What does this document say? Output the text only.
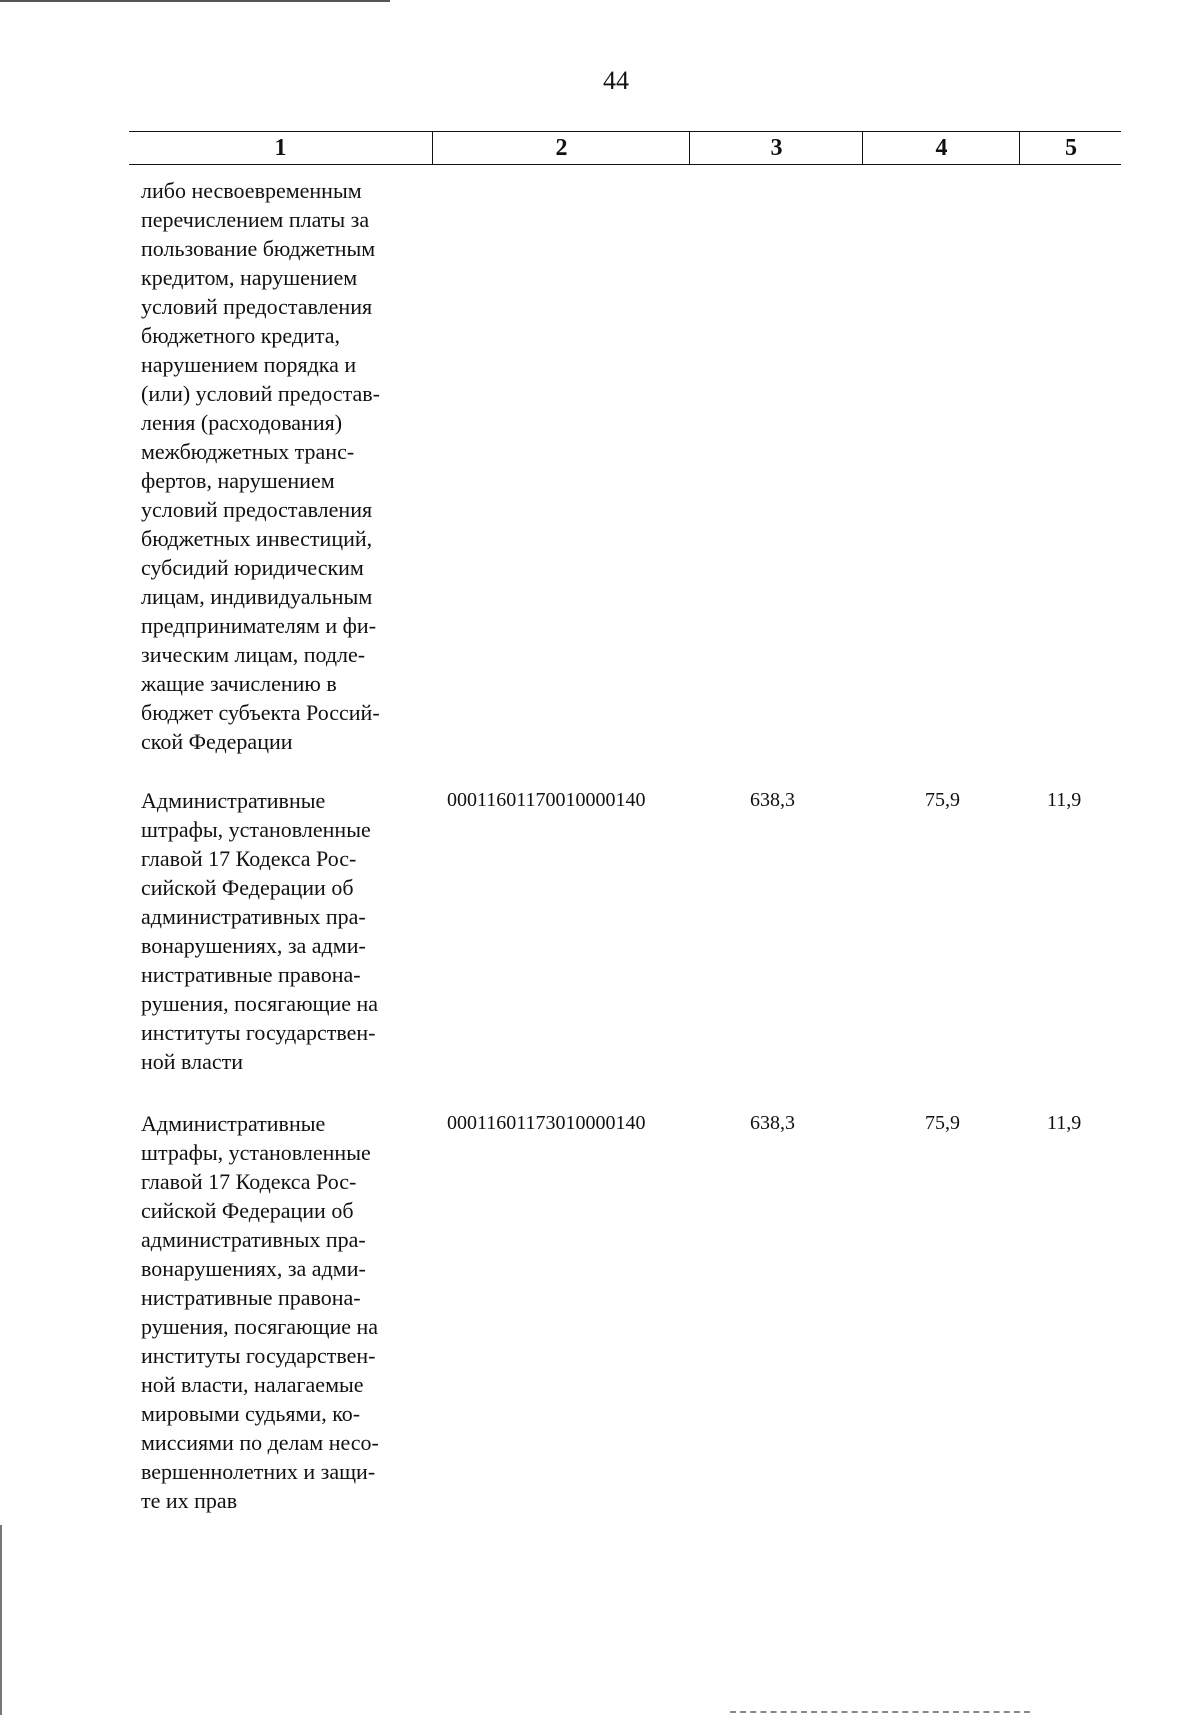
44
1	2	3	4	5
либо несвоевременным
перечислением платы за
пользование бюджетным
кредитом, нарушением
условий предоставления
бюджетного кредита,
нарушением порядка и
(или) условий предостав-
ления (расходования)
межбюджетных транс-
фертов, нарушением
условий предоставления
бюджетных инвестиций,
субсидий юридическим
лицам, индивидуальным
предпринимателям и фи-
зическим лицам, подле-
жащие зачислению в
бюджет субъекта Россий-
ской Федерации
Административные
штрафы, установленные
главой 17 Кодекса Рос-
сийской Федерации об
административных пра-
вонарушениях, за адми-
нистративные правона-
рушения, посягающие на
институты государствен-
ной власти
00011601170010000140	638,3	75,9	11,9
Административные
штрафы, установленные
главой 17 Кодекса Рос-
сийской Федерации об
административных пра-
вонарушениях, за адми-
нистративные правона-
рушения, посягающие на
институты государствен-
ной власти, налагаемые
мировыми судьями, ко-
миссиями по делам несо-
вершеннолетних и защи-
те их прав
00011601173010000140	638,3	75,9	11,9
